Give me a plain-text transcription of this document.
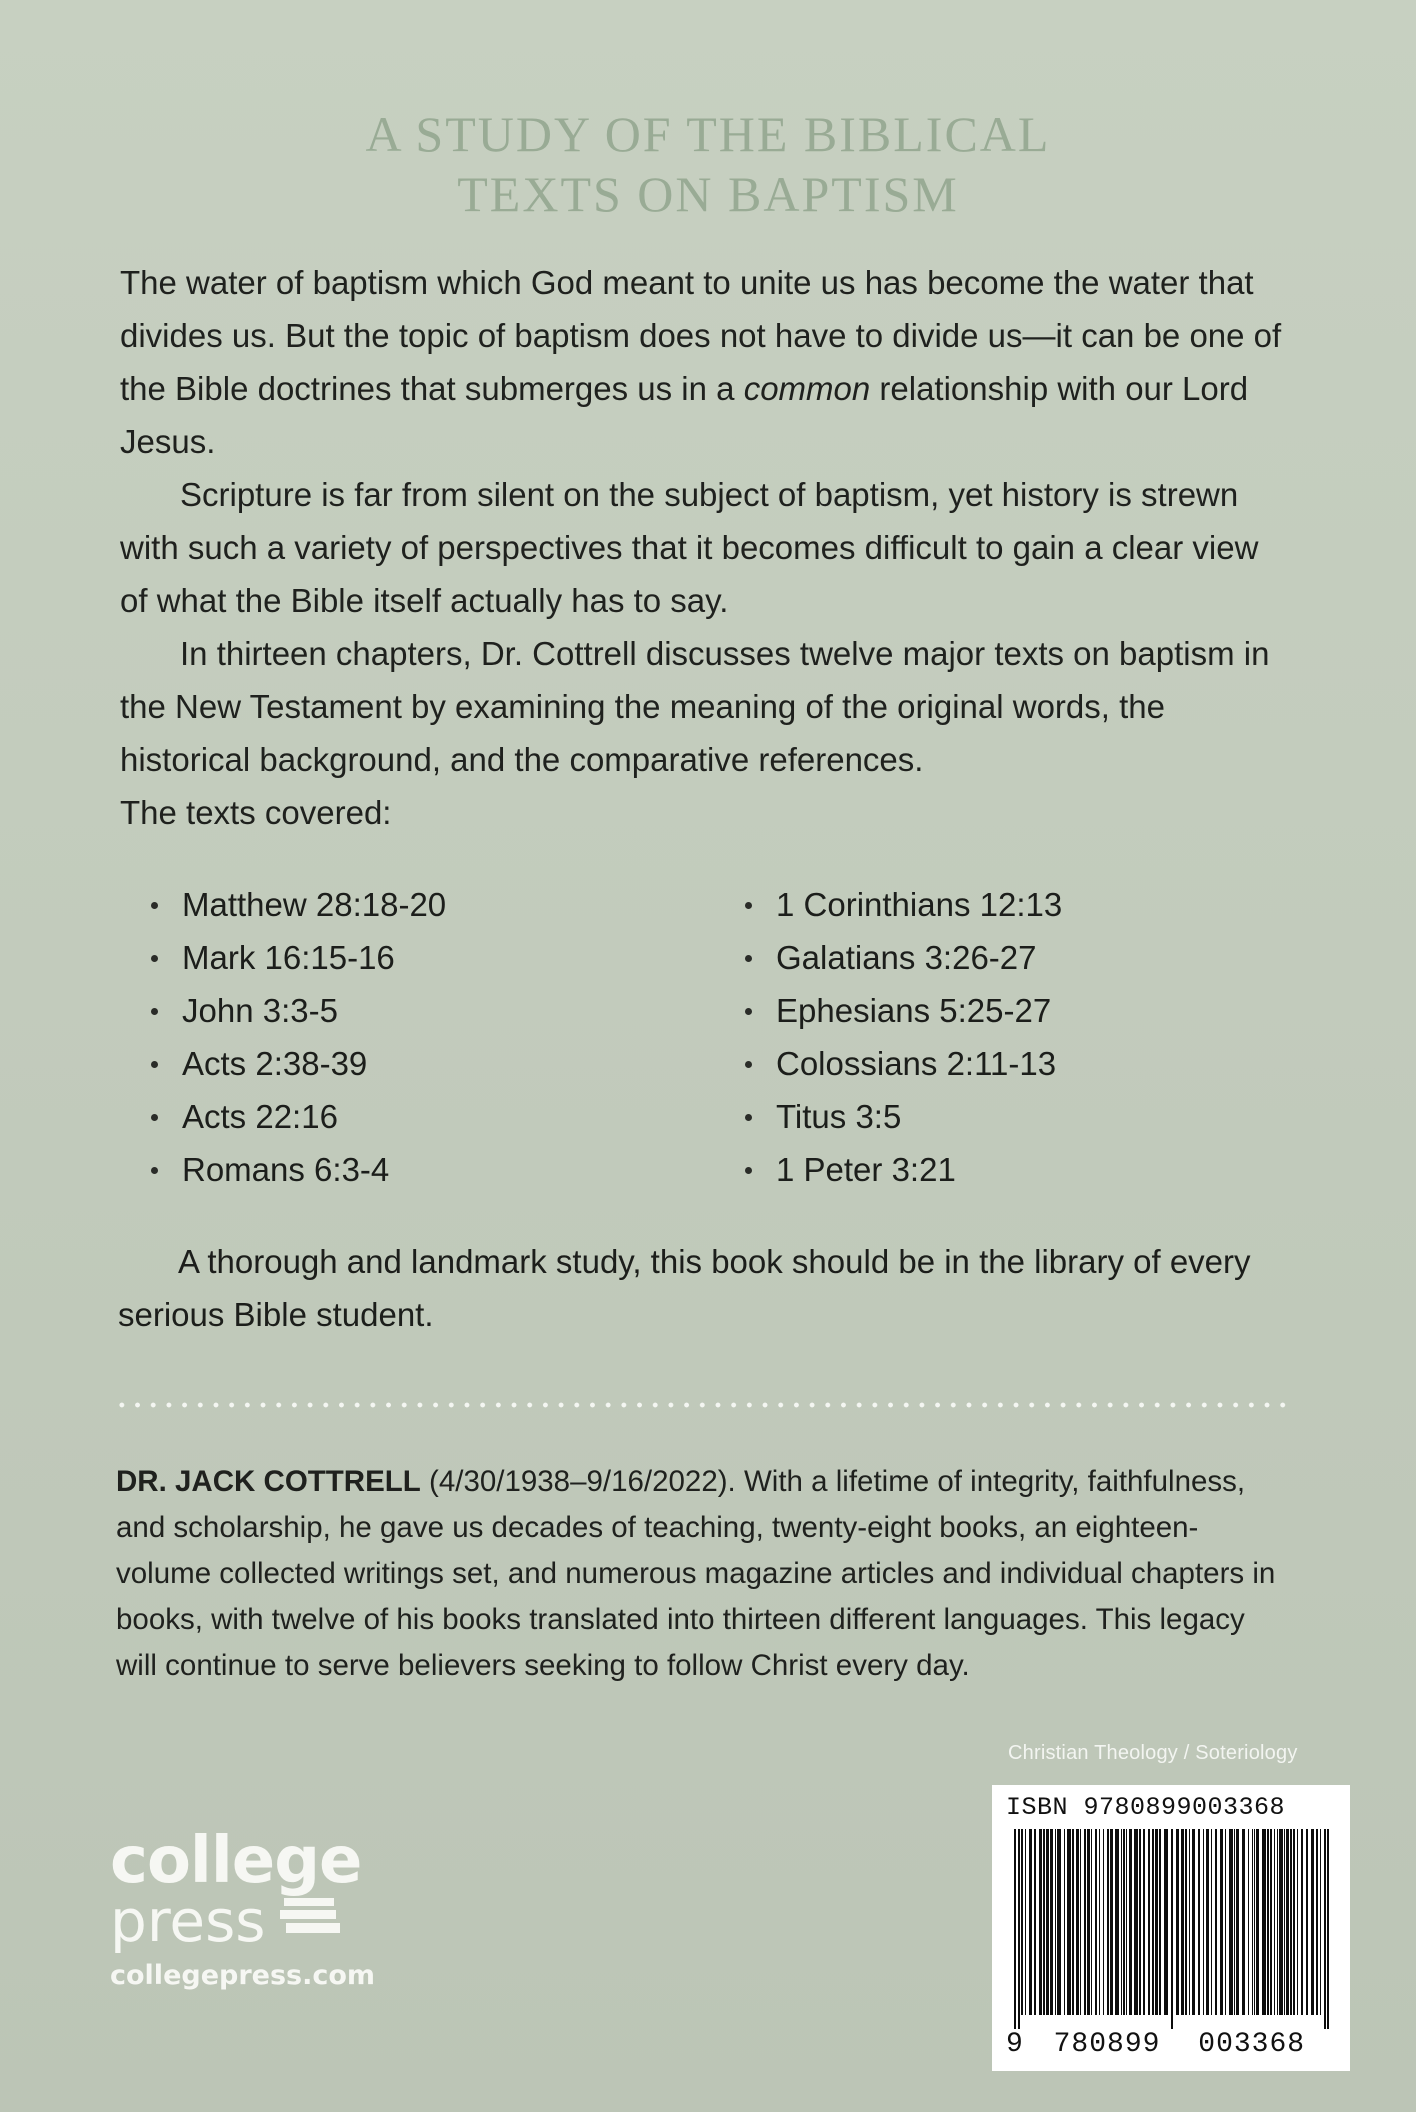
A STUDY OF THE BIBLICAL
TEXTS ON BAPTISM

The water of baptism which God meant to unite us has become the water that divides us. But the topic of baptism does not have to divide us—it can be one of the Bible doctrines that submerges us in a common relationship with our Lord Jesus.

Scripture is far from silent on the subject of baptism, yet history is strewn with such a variety of perspectives that it becomes difficult to gain a clear view of what the Bible itself actually has to say.

In thirteen chapters, Dr. Cottrell discusses twelve major texts on baptism in the New Testament by examining the meaning of the original words, the historical background, and the comparative references.

The texts covered:

Matthew 28:18-20
Mark 16:15-16
John 3:3-5
Acts 2:38-39
Acts 22:16
Romans 6:3-4
1 Corinthians 12:13
Galatians 3:26-27
Ephesians 5:25-27
Colossians 2:11-13
Titus 3:5
1 Peter 3:21

A thorough and landmark study, this book should be in the library of every serious Bible student.

DR. JACK COTTRELL (4/30/1938–9/16/2022). With a lifetime of integrity, faithfulness, and scholarship, he gave us decades of teaching, twenty-eight books, an eighteen-volume collected writings set, and numerous magazine articles and individual chapters in books, with twelve of his books translated into thirteen different languages. This legacy will continue to serve believers seeking to follow Christ every day.

Christian Theology / Soteriology
ISBN 9780899003368
9 780899 003368
college
press
collegepress.com
